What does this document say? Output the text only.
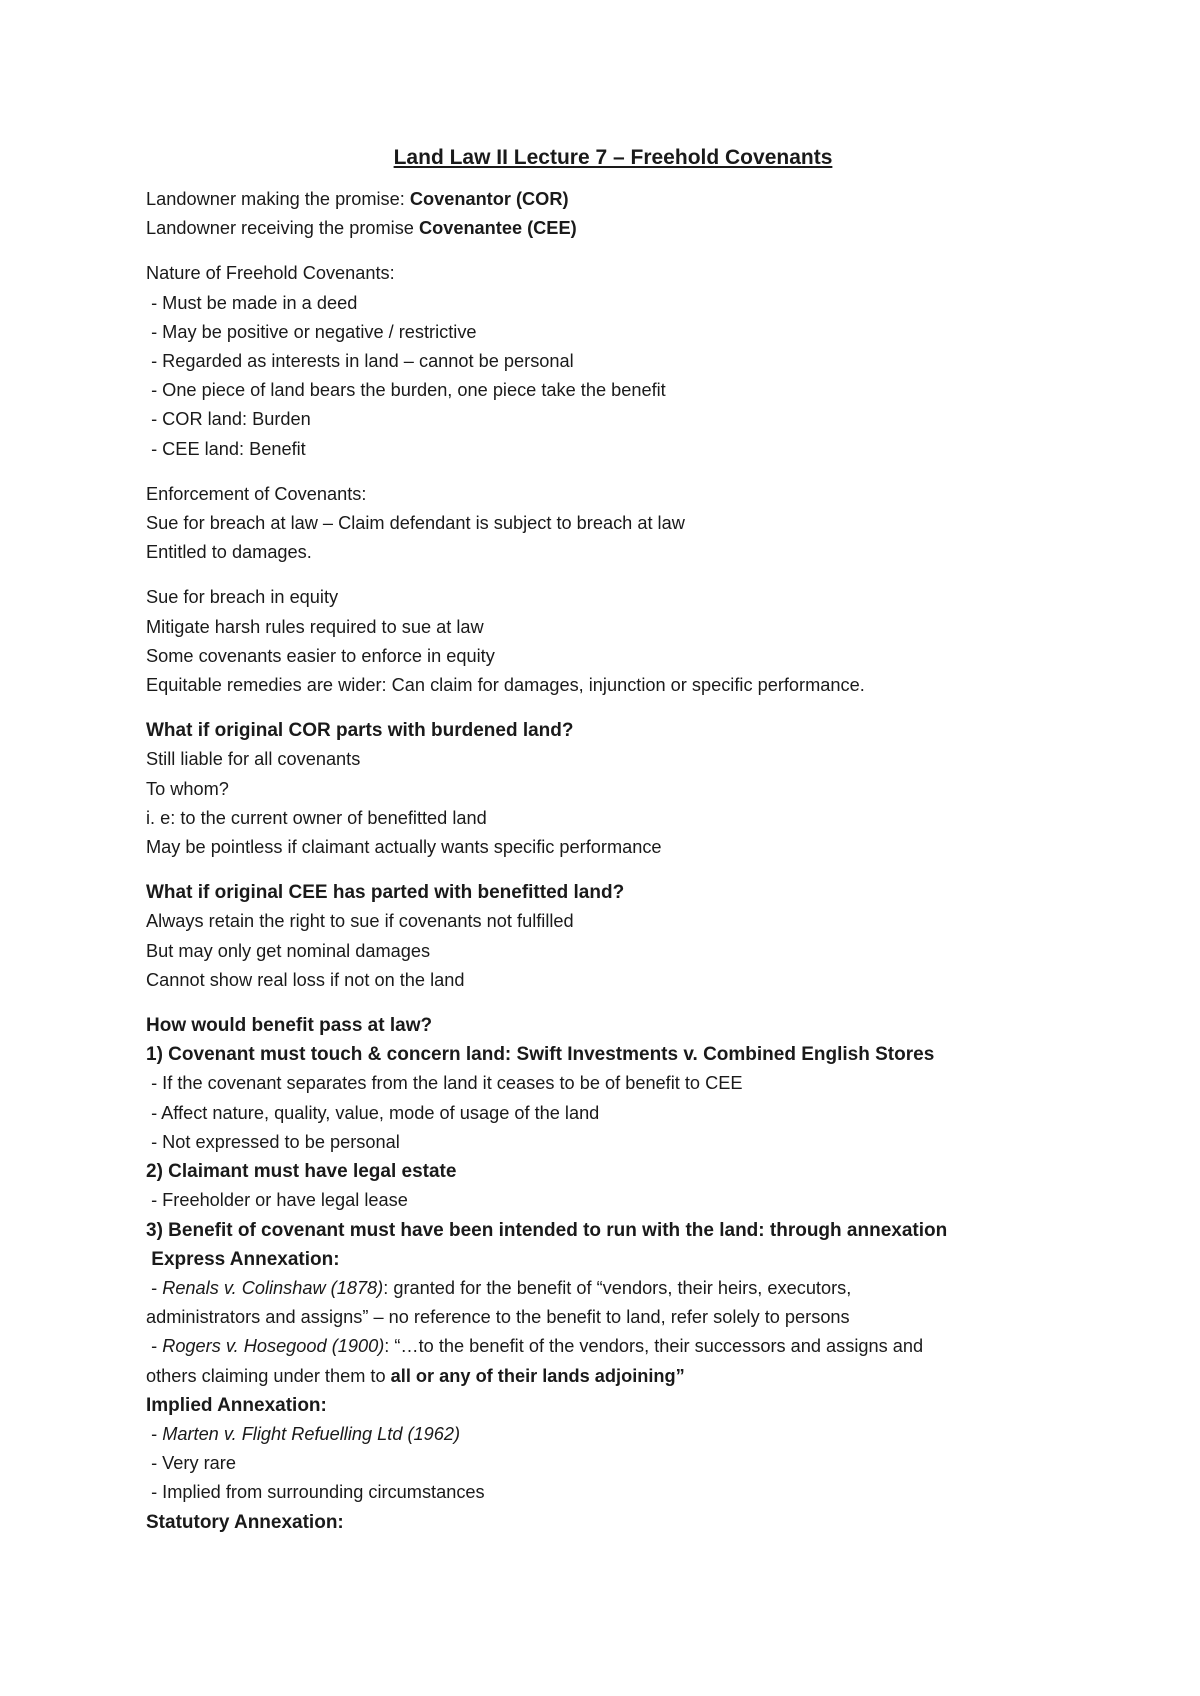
Land Law II Lecture 7 – Freehold Covenants
Landowner making the promise: Covenantor (COR)
Landowner receiving the promise Covenantee (CEE)
Nature of Freehold Covenants:
- Must be made in a deed
- May be positive or negative / restrictive
- Regarded as interests in land – cannot be personal
- One piece of land bears the burden, one piece take the benefit
- COR land: Burden
- CEE land: Benefit
Enforcement of Covenants:
Sue for breach at law – Claim defendant is subject to breach at law
Entitled to damages.
Sue for breach in equity
Mitigate harsh rules required to sue at law
Some covenants easier to enforce in equity
Equitable remedies are wider: Can claim for damages, injunction or specific performance.
What if original COR parts with burdened land?
Still liable for all covenants
To whom?
i. e: to the current owner of benefitted land
May be pointless if claimant actually wants specific performance
What if original CEE has parted with benefitted land?
Always retain the right to sue if covenants not fulfilled
But may only get nominal damages
Cannot show real loss if not on the land
How would benefit pass at law?
1) Covenant must touch & concern land: Swift Investments v. Combined English Stores
- If the covenant separates from the land it ceases to be of benefit to CEE
- Affect nature, quality, value, mode of usage of the land
- Not expressed to be personal
2) Claimant must have legal estate
- Freeholder or have legal lease
3) Benefit of covenant must have been intended to run with the land: through annexation
Express Annexation:
- Renals v. Colinshaw (1878): granted for the benefit of “vendors, their heirs, executors,
administrators and assigns” – no reference to the benefit to land, refer solely to persons
- Rogers v. Hosegood (1900): “…to the benefit of the vendors, their successors and assigns and
others claiming under them to all or any of their lands adjoining”
Implied Annexation:
- Marten v. Flight Refuelling Ltd (1962)
- Very rare
- Implied from surrounding circumstances
Statutory Annexation:
